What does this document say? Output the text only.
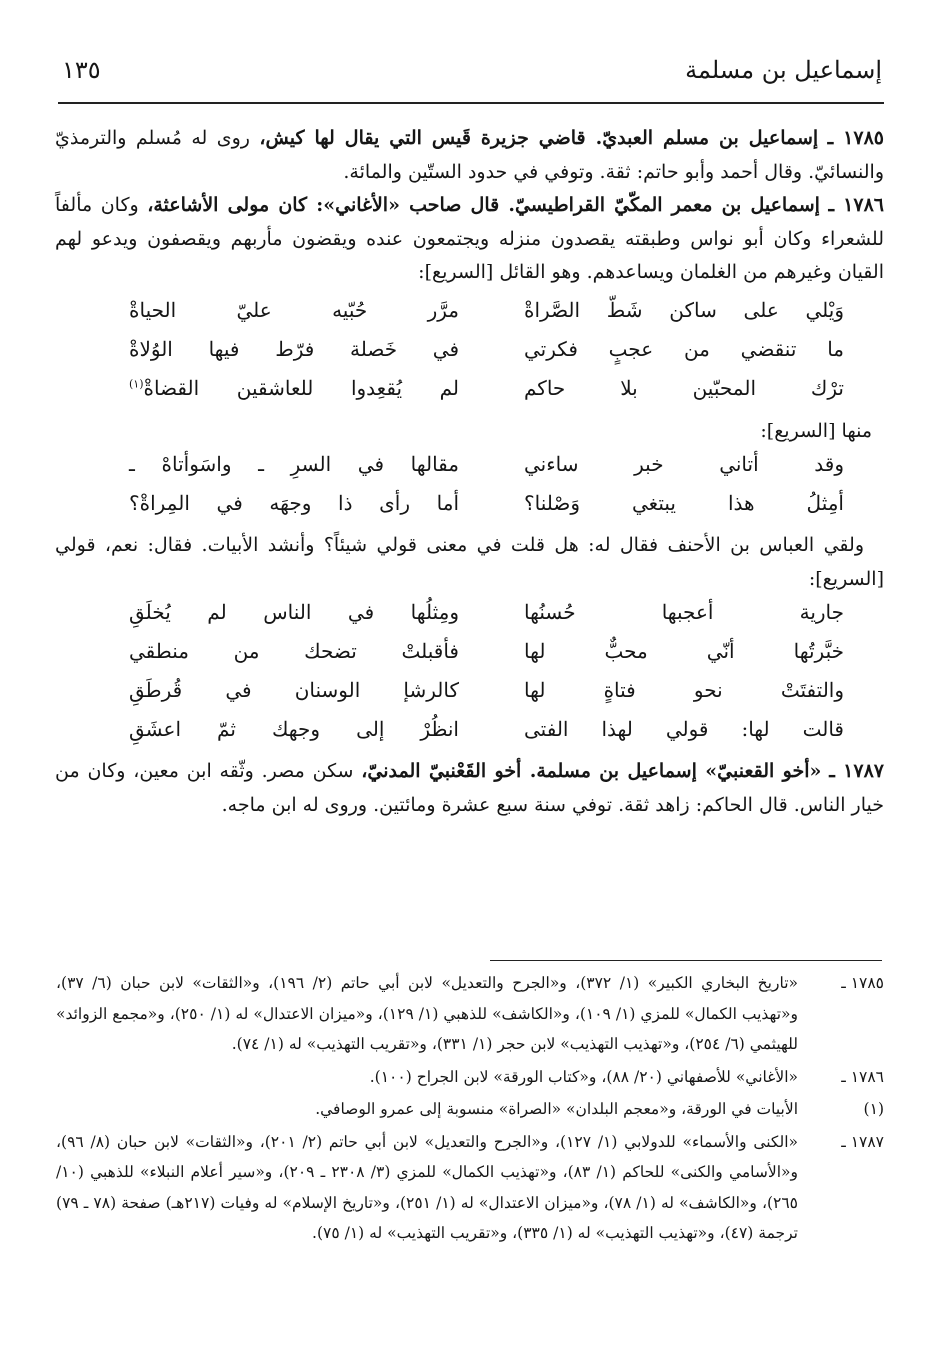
إسماعيل بن مسلمة
١٣٥

١٧٨٥ ـ إسماعيل بن مسلم العبديّ. قاضي جزيرة قَيس التي يقال لها كيش، روى له مُسلم والترمذيّ والنسائيّ. وقال أحمد وأبو حاتم: ثقة. وتوفي في حدود الستّين والمائة.

١٧٨٦ ـ إسماعيل بن معمر المكّيّ القراطيسيّ. قال صاحب «الأغاني»: كان مولى الأشاعثة، وكان مألفاً للشعراء وكان أبو نواس وطبقته يقصدون منزله ويجتمعون عنده ويقضون مأربهم ويقصفون ويدعو لهم القيان وغيرهم من الغلمان ويساعدهم. وهو القائل [السريع]:

وَيْلي على ساكن شَطّ الصَّراةْ
مرَّر حُبّيه عليّ الحياةْ
ما تنقضي من عجبٍ فكرتي
في خَصلة فرّط فيها الوُلاةْ
ترْك المحبّين بلا حاكم
لم يُقعِدوا للعاشقين القضاةْ$^{(١)}$

منها [السريع]:

وقد أتاني خبر ساءني
مقالها في السرِ ـ واسَوأتاهْ ـ
أمِثلُ هذا يبتغي وَصْلنا؟
أما رأى ذا وجهَه في المِراةْ؟

ولقي العباس بن الأحنف فقال له: هل قلت في معنى قولي شيئاً؟ وأنشد الأبيات. فقال: نعم، قولي [السريع]:

جارية أعجبها حُسنُها
ومِثلُها في الناس لم يُخلَقِ
خبَّرتُها أنّي محبٌّ لها
فأقبلتْ تضحك من منطقي
والتفتَتْ نحو فتاةٍ لها
كالرشإ الوسنان في قُرطَقِ
قالت لها: قولي لهذا الفتى
انظُرْ إلى وجهك ثمّ اعشَقِ

١٧٨٧ ـ «أخو القعنبيّ» إسماعيل بن مسلمة. أخو القَعْنبيّ المدنيّ، سكن مصر. وثّقه ابن معين، وكان من خيار الناس. قال الحاكم: زاهد ثقة. توفي سنة سبع عشرة ومائتين. وروى له ابن ماجه.

١٧٨٥ ـ
«تاريخ البخاري الكبير» (١/ ٣٧٢)، و«الجرح والتعديل» لابن أبي حاتم (٢/ ١٩٦)، و«الثقات» لابن حبان (٦/ ٣٧)، و«تهذيب الكمال» للمزي (١/ ١٠٩)، و«الكاشف» للذهبي (١/ ١٢٩)، و«ميزان الاعتدال» له (١/ ٢٥٠)، و«مجمع الزوائد» للهيثمي (٦/ ٢٥٤)، و«تهذيب التهذيب» لابن حجر (١/ ٣٣١)، و«تقريب التهذيب» له (١/ ٧٤).
١٧٨٦ ـ
«الأغاني» للأصفهاني (٢٠/ ٨٨)، و«كتاب الورقة» لابن الجراح (١٠٠).
(١)
الأبيات في الورقة، و«معجم البلدان» «الصراة» منسوبة إلى عمرو الوصافي.
١٧٨٧ ـ
«الكنى والأسماء» للدولابي (١/ ١٢٧)، و«الجرح والتعديل» لابن أبي حاتم (٢/ ٢٠١)، و«الثقات» لابن حبان (٨/ ٩٦)، و«الأسامي والكنى» للحاكم (١/ ٨٣)، و«تهذيب الكمال» للمزي (٣/ ٢٣٠٨ ـ ٢٠٩)، و«سير أعلام النبلاء» للذهبي (١٠/ ٢٦٥)، و«الكاشف» له (١/ ٧٨)، و«ميزان الاعتدال» له (١/ ٢٥١)، و«تاريخ الإسلام» له وفيات (٢١٧هـ) صفحة (٧٨ ـ ٧٩) ترجمة (٤٧)، و«تهذيب التهذيب» له (١/ ٣٣٥)، و«تقريب التهذيب» له (١/ ٧٥).
